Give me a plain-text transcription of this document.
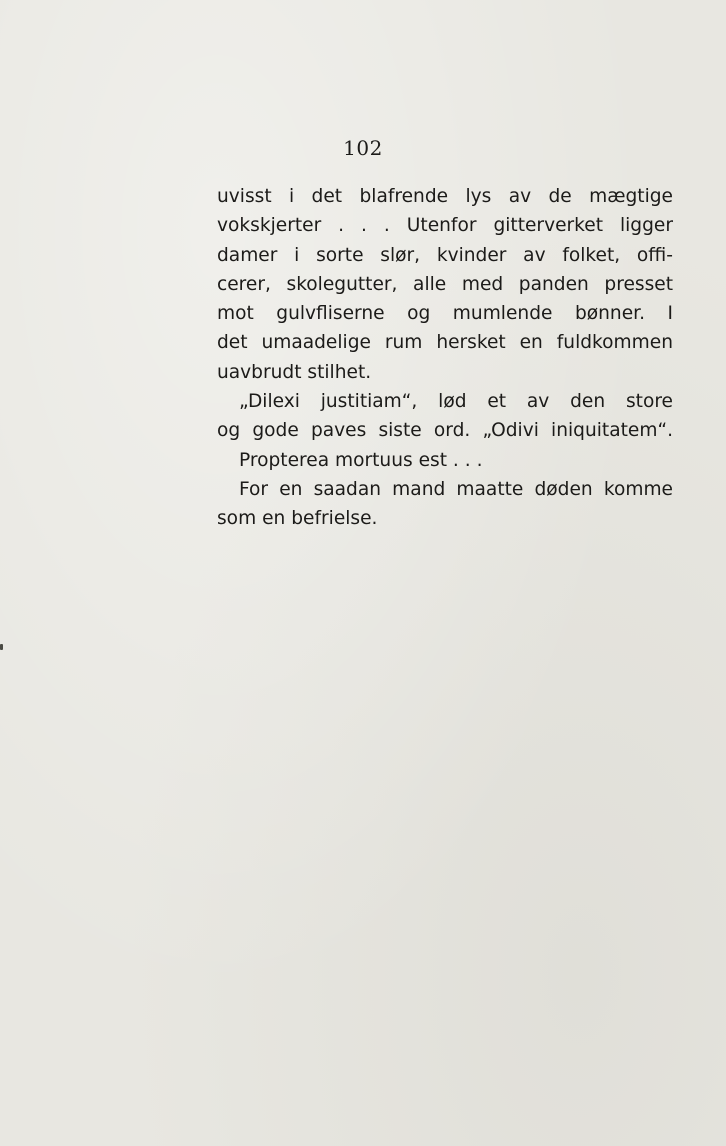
102
uvisst i det blafrende lys av de mægtige
vokskjerter . . . Utenfor gitterverket ligger
damer i sorte slør, kvinder av folket, offi-
cerer, skolegutter, alle med panden presset
mot gulvfliserne og mumlende bønner. I
det umaadelige rum hersket en fuldkommen
uavbrudt stilhet.
„Dilexi justitiam“, lød et av den store
og gode paves siste ord. „Odivi iniquitatem“.
Propterea mortuus est . . .
For en saadan mand maatte døden komme
som en befrielse.
